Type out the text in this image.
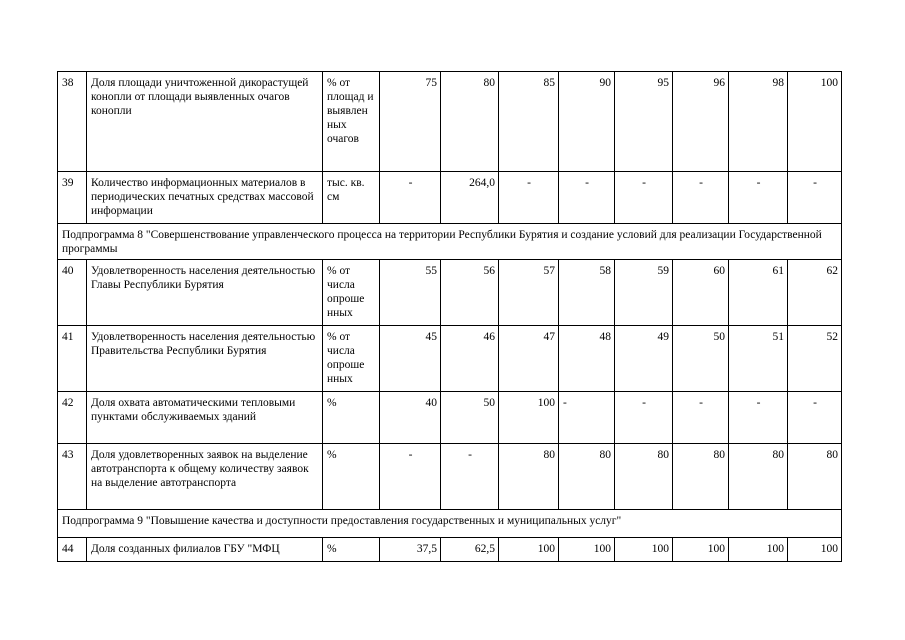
38	Доля площади уничтоженной дикорастущей конопли от площади выявленных очагов конопли	% от площад и выявлен ных очагов	75	80	85	90	95	96	98	100
39	Количество информационных материалов в периодических печатных средствах массовой информации	тыс. кв. см	-	264,0	-	-	-	-	-	-
Подпрограмма 8 "Совершенствование управленческого процесса на территории Республики Бурятия и создание условий для реализации Государственной программы										
40	Удовлетворенность населения деятельностью Главы Республики Бурятия	% от числа опроше нных	55	56	57	58	59	60	61	62
41	Удовлетворенность населения деятельностью Правительства Республики Бурятия	% от числа опроше нных	45	46	47	48	49	50	51	52
42	Доля охвата автоматическими тепловыми пунктами обслуживаемых зданий	%	40	50	100	-	-	-	-	-
43	Доля удовлетворенных заявок на выделение автотранспорта к общему количеству заявок на выделение автотранспорта	%	-	-	80	80	80	80	80	80
Подпрограмма 9 "Повышение качества и доступности предоставления государственных и муниципальных услуг"										
44	Доля созданных филиалов ГБУ "МФЦ	%	37,5	62,5	100	100	100	100	100	100
